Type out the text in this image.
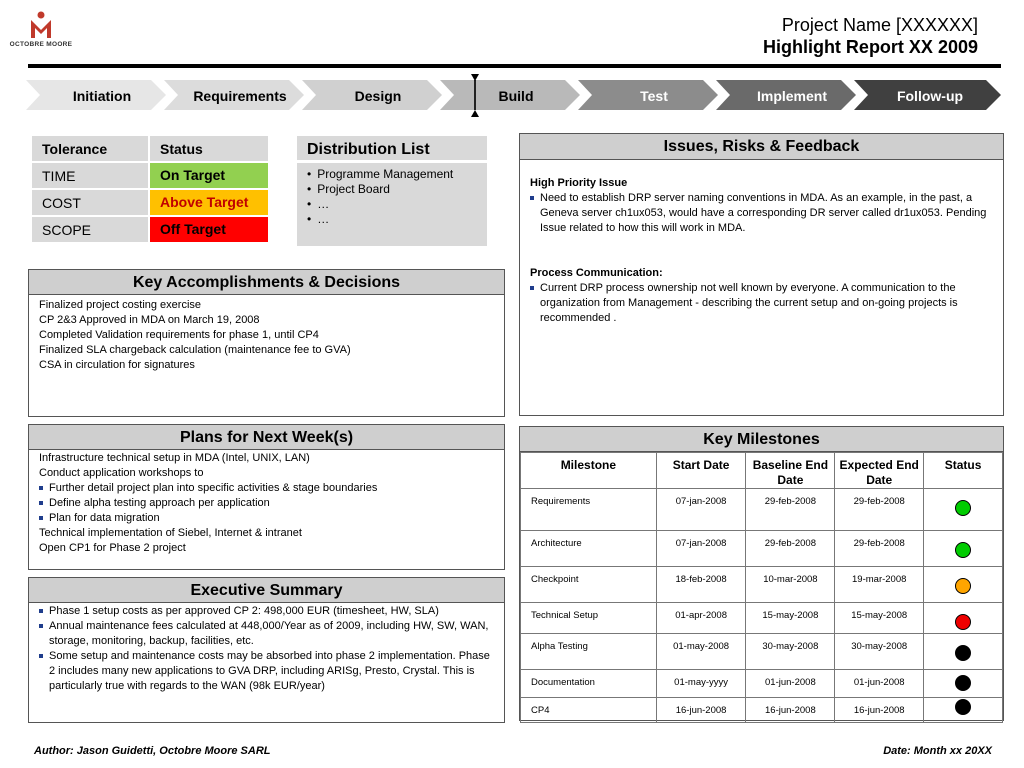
OCTOBRE MOORE
Project Name [XXXXXX]
Highlight Report XX 2009
Initiation	Requirements	Design	Build	Test	Implement	Follow-up
Tolerance	Status
TIME	On Target
COST	Above Target
SCOPE	Off Target
Distribution List
• Programme Management
• Project Board
• …
• …
Issues, Risks & Feedback
High Priority Issue
Need to establish DRP server naming conventions in MDA. As an example, in the past, a Geneva server ch1ux053, would have a corresponding DR server called dr1ux053. Pending Issue related to how this will work in MDA.
Process Communication:
Current DRP process ownership not well known by everyone. A communication to the organization from Management - describing the current setup and on-going projects is recommended .
Key Accomplishments & Decisions
Finalized project costing exercise
CP 2&3 Approved in MDA on March 19, 2008
Completed Validation requirements for phase 1, until CP4
Finalized SLA chargeback calculation (maintenance fee to GVA)
CSA in circulation for signatures
Plans for Next Week(s)
Infrastructure technical setup in MDA (Intel, UNIX, LAN)
Conduct application workshops to
Further detail project plan into specific activities & stage boundaries
Define alpha testing approach per application
Plan for data migration
Technical implementation of Siebel, Internet & intranet
Open CP1 for Phase 2 project
Executive Summary
Phase 1 setup costs as per approved CP 2: 498,000 EUR (timesheet, HW, SLA)
Annual maintenance fees calculated at 448,000/Year as of 2009, including HW, SW, WAN, storage, monitoring, backup, facilities, etc.
Some setup and maintenance costs may be absorbed into phase 2 implementation. Phase 2 includes many new applications to GVA DRP, including ARISg, Presto, Crystal. This is particularly true with regards to the WAN (98k EUR/year)
Key Milestones
Milestone	Start Date	Baseline End Date	Expected End Date	Status
Requirements	07-jan-2008	29-feb-2008	29-feb-2008	
Architecture	07-jan-2008	29-feb-2008	29-feb-2008	
Checkpoint	18-feb-2008	10-mar-2008	19-mar-2008	
Technical Setup	01-apr-2008	15-may-2008	15-may-2008	
Alpha Testing	01-may-2008	30-may-2008	30-may-2008	
Documentation	01-may-yyyy	01-jun-2008	01-jun-2008	
CP4	16-jun-2008	16-jun-2008	16-jun-2008	
Author: Jason Guidetti, Octobre Moore SARL	Date: Month xx 20XX
